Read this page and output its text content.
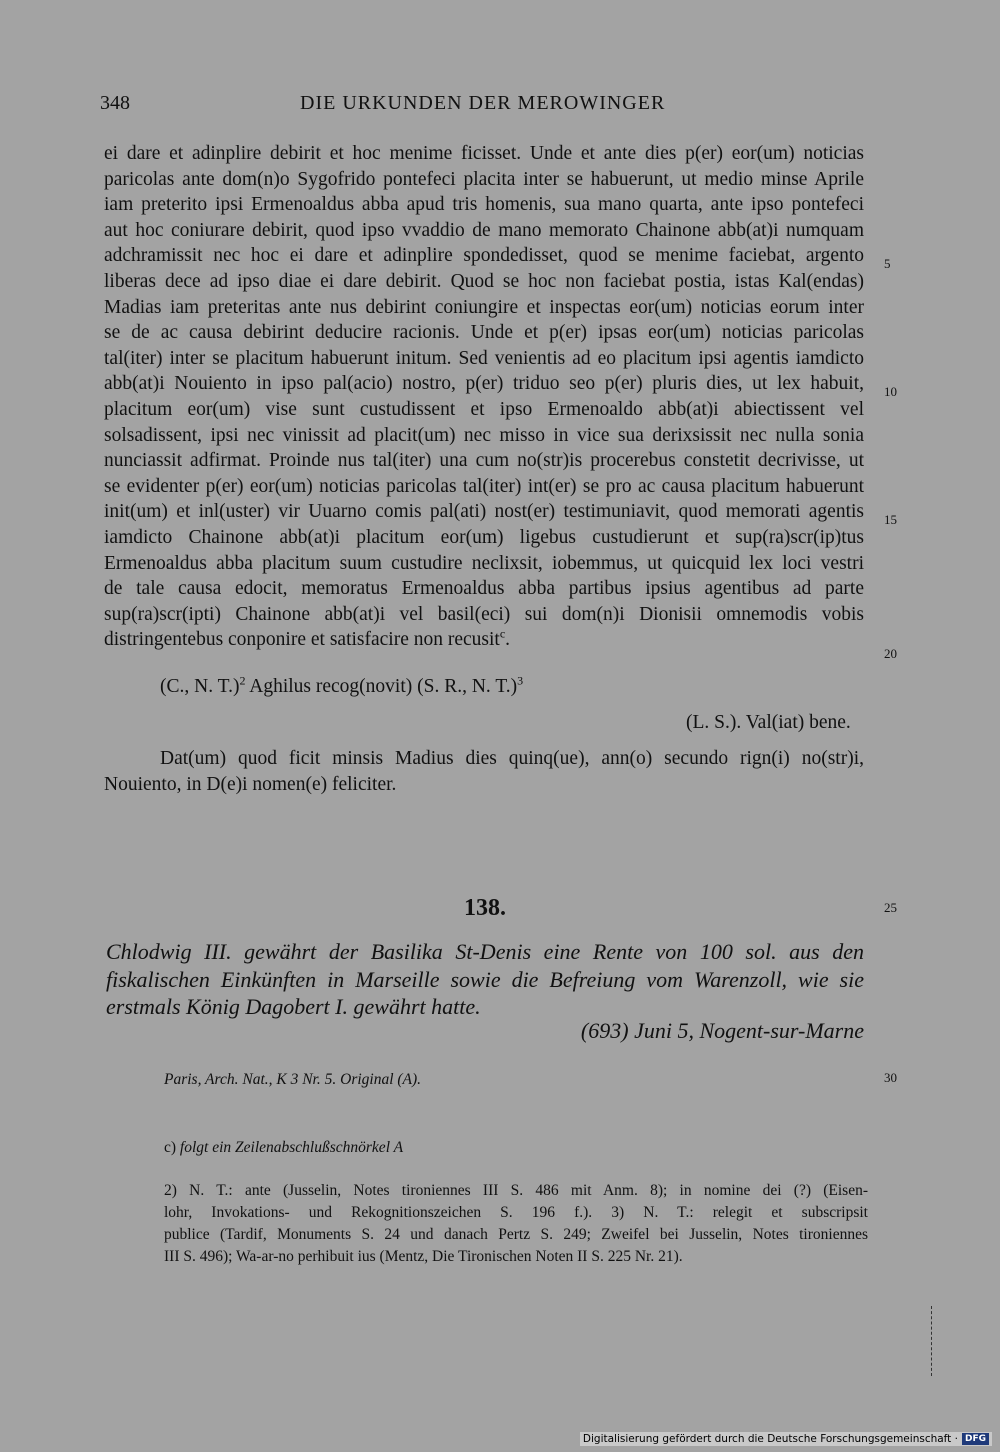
348	DIE URKUNDEN DER MEROWINGER
ei dare et adinplire debirit et hoc menime ficisset. Unde et ante dies p(er) eor(um) noticias
paricolas ante dom(n)o Sygofrido pontefeci placita inter se habuerunt, ut medio minse Aprile
iam preterito ipsi Ermenoaldus abba apud tris homenis, sua mano quarta, ante ipso pontefeci
aut hoc coniurare debirit, quod ipso vvaddio de mano memorato Chainone abb(at)i numquam
adchramissit nec hoc ei dare et adinplire spondedisset, quod se menime faciebat, argento
liberas dece ad ipso diae ei dare debirit. Quod se hoc non faciebat postia, istas Kal(endas)
Madias iam preteritas ante nus debirint coniungire et inspectas eor(um) noticias eorum inter
se de ac causa debirint deducire racionis. Unde et p(er) ipsas eor(um) noticias paricolas
tal(iter) inter se placitum habuerunt initum. Sed venientis ad eo placitum ipsi agentis iamdicto
abb(at)i Nouiento in ipso pal(acio) nostro, p(er) triduo seo p(er) pluris dies, ut lex habuit,
placitum eor(um) vise sunt custudissent et ipso Ermenoaldo abb(at)i abiectissent vel
solsadissent, ipsi nec vinissit ad placit(um) nec misso in vice sua derixsissit nec nulla sonia
nunciassit adfirmat. Proinde nus tal(iter) una cum no(str)is procerebus constetit decrivisse, ut
se evidenter p(er) eor(um) noticias paricolas tal(iter) int(er) se pro ac causa placitum habuerunt
init(um) et inl(uster) vir Uuarno comis pal(ati) nost(er) testimuniavit, quod memorati agentis
iamdicto Chainone abb(at)i placitum eor(um) ligebus custudierunt et sup(ra)scr(ip)tus
Ermenoaldus abba placitum suum custudire neclixsit, iobemmus, ut quicquid lex loci vestri
de tale causa edocit, memoratus Ermenoaldus abba partibus ipsius agentibus ad parte
sup(ra)scr(ipti) Chainone abb(at)i vel basil(eci) sui dom(n)i Dionisii omnemodis vobis
distringentebus conponire et satisfacire non recusit$^c$.
5
10
15
20
25
30
(C., N. T.)$^2$ Aghilus recog(novit) (S. R., N. T.)$^3$
(L. S.). Val(iat) bene.
Dat(um) quod ficit minsis Madius dies quinq(ue), ann(o) secundo rign(i) no(str)i,
Nouiento, in D(e)i nomen(e) feliciter.
138.
Chlodwig III. gewährt der Basilika St-Denis eine Rente von 100 sol. aus den
fiskalischen Einkünften in Marseille sowie die Befreiung vom Warenzoll, wie sie
erstmals König Dagobert I. gewährt hatte.
(693) Juni 5, Nogent-sur-Marne
Paris, Arch. Nat., K 3 Nr. 5. Original (A).
c) folgt ein Zeilenabschlußschnörkel A
2) N. T.: ante (Jusselin, Notes tironiennes III S. 486 mit Anm. 8); in nomine dei (?) (Eisen-
lohr, Invokations- und Rekognitionszeichen S. 196 f.). 3) N. T.: relegit et subscripsit
publice (Tardif, Monuments S. 24 und danach Pertz S. 249; Zweifel bei Jusselin, Notes tironiennes
III S. 496); Wa-ar-no perhibuit ius (Mentz, Die Tironischen Noten II S. 225 Nr. 21).
Digitalisierung gefördert durch die Deutsche Forschungsgemeinschaft · DFG
